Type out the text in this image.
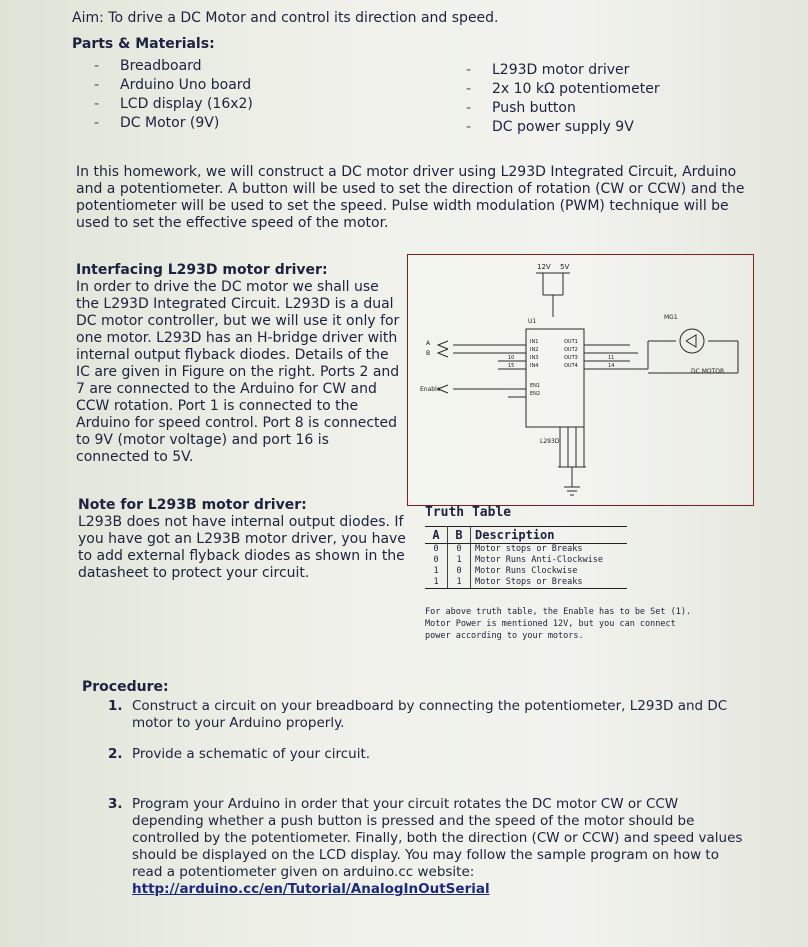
Aim: To drive a DC Motor and control its direction and speed.
Parts & Materials:
-	Breadboard
-	Arduino Uno board
-	LCD display (16x2)
-	DC Motor (9V)
-	L293D motor driver
-	2x 10 kΩ potentiometer
-	Push button
-	DC power supply 9V
In this homework, we will construct a DC motor driver using L293D Integrated Circuit, Arduino and a potentiometer. A button will be used to set the direction of rotation (CW or CCW) and the potentiometer will be used to set the speed. Pulse width modulation (PWM) technique will be used to set the effective speed of the motor.
Interfacing L293D motor driver:
In order to drive the DC motor we shall use the L293D Integrated Circuit. L293D is a dual DC motor controller, but we will use it only for one motor. L293D has an H-bridge driver with internal output flyback diodes. Details of the IC are given in Figure on the right. Ports 2 and 7 are connected to the Arduino for CW and CCW rotation. Port 1 is connected to the Arduino for speed control. Port 8 is connected to 9V (motor voltage) and port 16 is connected to 5V.
Note for L293B motor driver:
L293B does not have internal output diodes. If you have got an L293B motor driver, you have to add external flyback diodes as shown in the datasheet to protect your circuit.
12V 5V
U1
L293D
MG1
DC MOTOR
A
B
Enable
IN1
IN2
IN3
IN4
OUT1
OUT2
OUT3
OUT4
EN1
EN2
10
15
11
14
Truth Table
A	B	Description
0	0	Motor stops or Breaks
0	1	Motor Runs Anti-Clockwise
1	0	Motor Runs Clockwise
1	1	Motor Stops or Breaks
For above truth table, the Enable has to be Set (1). Motor Power is mentioned 12V, but you can connect power according to your motors.
Procedure:
1. Construct a circuit on your breadboard by connecting the potentiometer, L293D and DC motor to your Arduino properly.
2. Provide a schematic of your circuit.
3. Program your Arduino in order that your circuit rotates the DC motor CW or CCW depending whether a push button is pressed and the speed of the motor should be controlled by the potentiometer. Finally, both the direction (CW or CCW) and speed values should be displayed on the LCD display. You may follow the sample program on how to read a potentiometer given on arduino.cc website:
http://arduino.cc/en/Tutorial/AnalogInOutSerial
